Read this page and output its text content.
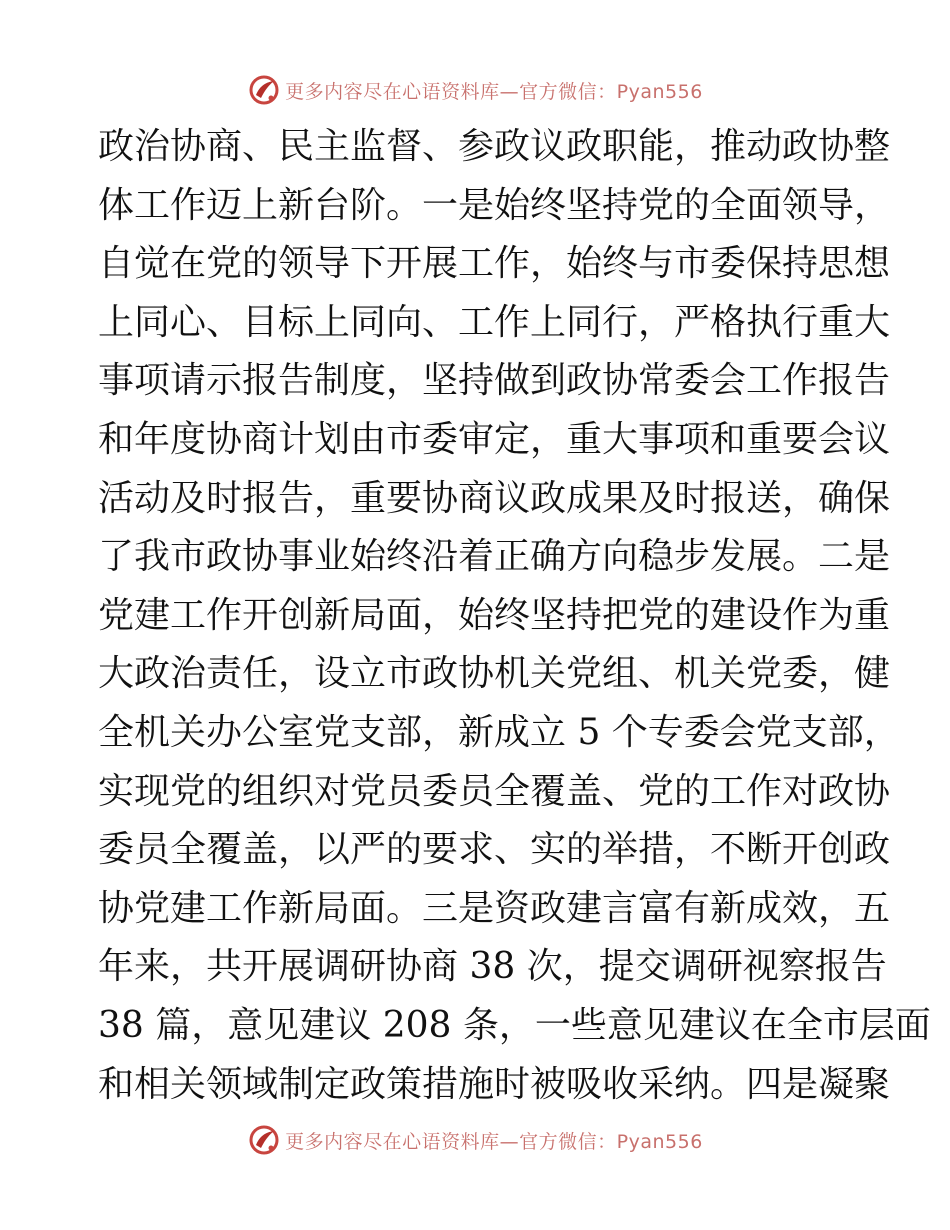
更多内容尽在心语资料库—官方微信：Pyan556
政治协商、民主监督、参政议政职能，推动政协整
体工作迈上新台阶。一是始终坚持党的全面领导，
自觉在党的领导下开展工作，始终与市委保持思想
上同心、目标上同向、工作上同行，严格执行重大
事项请示报告制度，坚持做到政协常委会工作报告
和年度协商计划由市委审定，重大事项和重要会议
活动及时报告，重要协商议政成果及时报送，确保
了我市政协事业始终沿着正确方向稳步发展。二是
党建工作开创新局面，始终坚持把党的建设作为重
大政治责任，设立市政协机关党组、机关党委，健
全机关办公室党支部，新成立 5 个专委会党支部，
实现党的组织对党员委员全覆盖、党的工作对政协
委员全覆盖，以严的要求、实的举措，不断开创政
协党建工作新局面。三是资政建言富有新成效，五
年来，共开展调研协商 38 次，提交调研视察报告
38 篇，意见建议 208 条，一些意见建议在全市层面
和相关领域制定政策措施时被吸收采纳。四是凝聚
更多内容尽在心语资料库—官方微信：Pyan556
